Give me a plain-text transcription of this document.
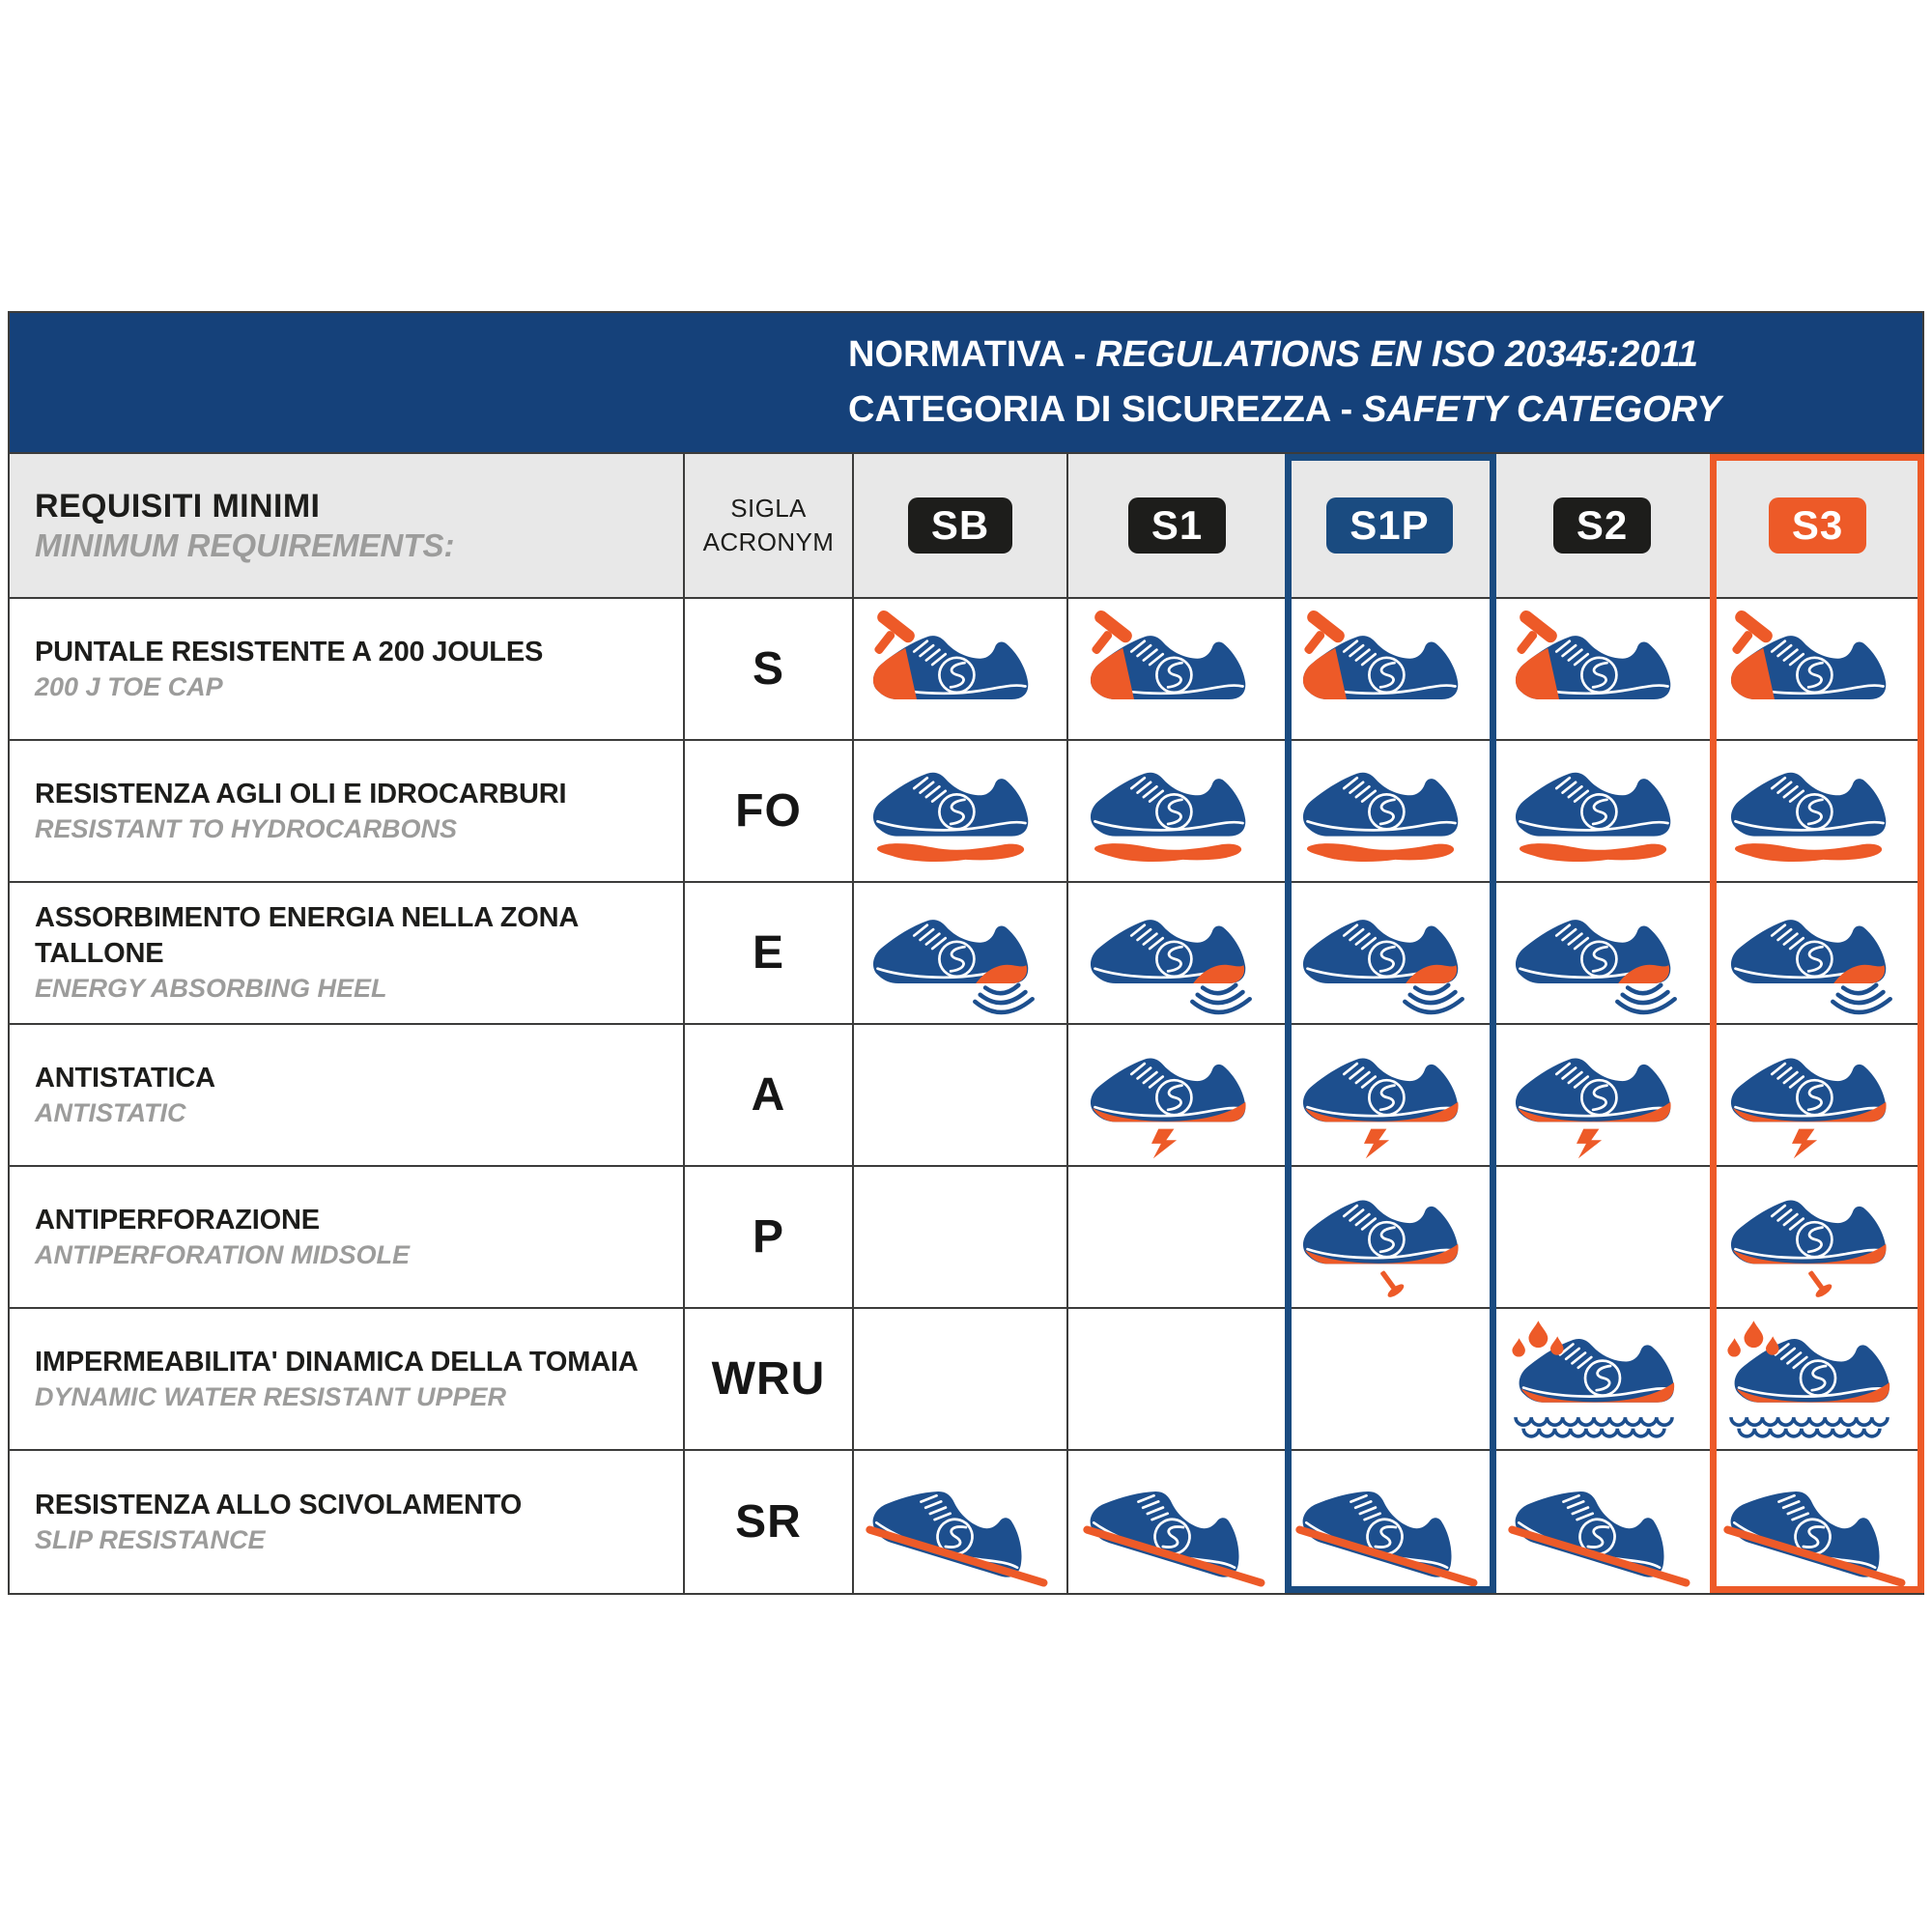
NORMATIVA - REGULATIONS EN ISO 20345:2011
CATEGORIA DI SICUREZZA - SAFETY CATEGORY
REQUISITI MINIMI
MINIMUM REQUIREMENTS:
SIGLA
ACRONYM	SB	S1	S1P	S2	S3
PUNTALE RESISTENTE A 200 JOULES
200 J TOE CAP	S
RESISTENZA AGLI OLI E IDROCARBURI
RESISTANT TO HYDROCARBONS	FO
ASSORBIMENTO ENERGIA NELLA ZONA TALLONE
ENERGY ABSORBING HEEL
E
ANTISTATICA
ANTISTATIC	A
ANTIPERFORAZIONE
ANTIPERFORATION MIDSOLE	P
IMPERMEABILITA' DINAMICA DELLA TOMAIA
DYNAMIC WATER RESISTANT UPPER	WRU
RESISTENZA ALLO SCIVOLAMENTO
SLIP RESISTANCE	SR
